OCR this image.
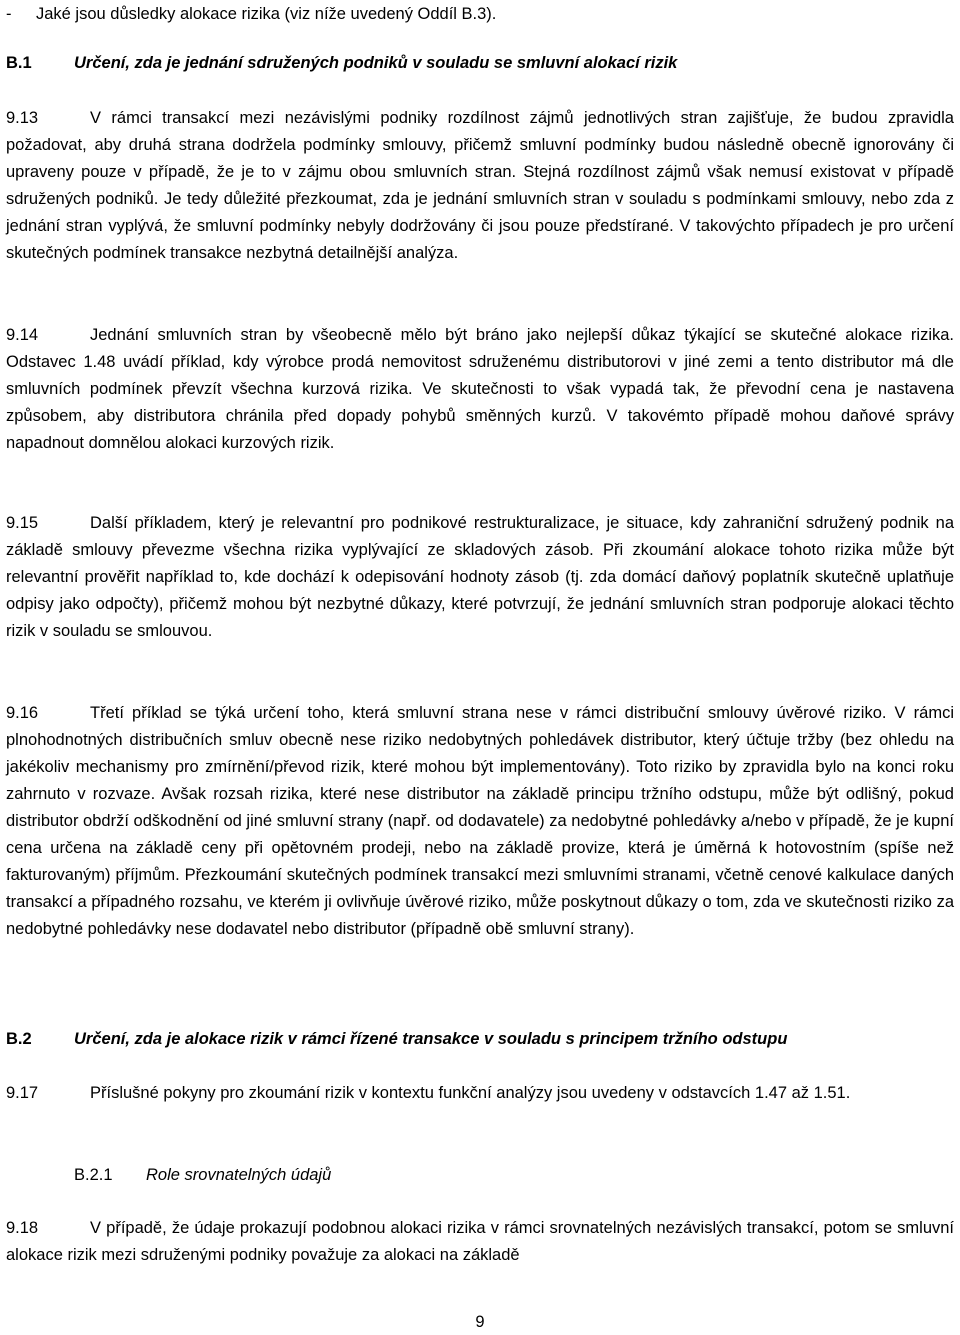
- Jaké jsou důsledky alokace rizika (viz níže uvedený Oddíl B.3).
B.1	Určení, zda je jednání sdružených podniků v souladu se smluvní alokací rizik
9.13	V rámci transakcí mezi nezávislými podniky rozdílnost zájmů jednotlivých stran zajišťuje, že budou zpravidla požadovat, aby druhá strana dodržela podmínky smlouvy, přičemž smluvní podmínky budou následně obecně ignorovány či upraveny pouze v případě, že je to v zájmu obou smluvních stran. Stejná rozdílnost zájmů však nemusí existovat v případě sdružených podniků. Je tedy důležité přezkoumat, zda je jednání smluvních stran v souladu s podmínkami smlouvy, nebo zda z jednání stran vyplývá, že smluvní podmínky nebyly dodržovány či jsou pouze předstírané. V takovýchto případech je pro určení skutečných podmínek transakce nezbytná detailnější analýza.
9.14	Jednání smluvních stran by všeobecně mělo být bráno jako nejlepší důkaz týkající se skutečné alokace rizika. Odstavec 1.48 uvádí příklad, kdy výrobce prodá nemovitost sdruženému distributorovi v jiné zemi a tento distributor má dle smluvních podmínek převzít všechna kurzová rizika. Ve skutečnosti to však vypadá tak, že převodní cena je nastavena způsobem, aby distributora chránila před dopady pohybů směnných kurzů. V takovémto případě mohou daňové správy napadnout domnělou alokaci kurzových rizik.
9.15	Další příkladem, který je relevantní pro podnikové restrukturalizace, je situace, kdy zahraniční sdružený podnik na základě smlouvy převezme všechna rizika vyplývající ze skladových zásob. Při zkoumání alokace tohoto rizika může být relevantní prověřit například to, kde dochází k odepisování hodnoty zásob (tj. zda domácí daňový poplatník skutečně uplatňuje odpisy jako odpočty), přičemž mohou být nezbytné důkazy, které potvrzují, že jednání smluvních stran podporuje alokaci těchto rizik v souladu se smlouvou.
9.16	Třetí příklad se týká určení toho, která smluvní strana nese v rámci distribuční smlouvy úvěrové riziko. V rámci plnohodnotných distribučních smluv obecně nese riziko nedobytných pohledávek distributor, který účtuje tržby (bez ohledu na jakékoliv mechanismy pro zmírnění/převod rizik, které mohou být implementovány). Toto riziko by zpravidla bylo na konci roku zahrnuto v rozvaze. Avšak rozsah rizika, které nese distributor na základě principu tržního odstupu, může být odlišný, pokud distributor obdrží odškodnění od jiné smluvní strany (např. od dodavatele) za nedobytné pohledávky a/nebo v případě, že je kupní cena určena na základě ceny při opětovném prodeji, nebo na základě provize, která je úměrná k hotovostním (spíše než fakturovaným) příjmům. Přezkoumání skutečných podmínek transakcí mezi smluvními stranami, včetně cenové kalkulace daných transakcí a případného rozsahu, ve kterém ji ovlivňuje úvěrové riziko, může poskytnout důkazy o tom, zda ve skutečnosti riziko za nedobytné pohledávky nese dodavatel nebo distributor (případně obě smluvní strany).
B.2	Určení, zda je alokace rizik v rámci řízené transakce v souladu s principem tržního odstupu
9.17	Příslušné pokyny pro zkoumání rizik v kontextu funkční analýzy jsou uvedeny v odstavcích 1.47 až 1.51.
B.2.1 Role srovnatelných údajů
9.18	V případě, že údaje prokazují podobnou alokaci rizika v rámci srovnatelných nezávislých transakcí, potom se smluvní alokace rizik mezi sdruženými podniky považuje za alokaci na základě
9
